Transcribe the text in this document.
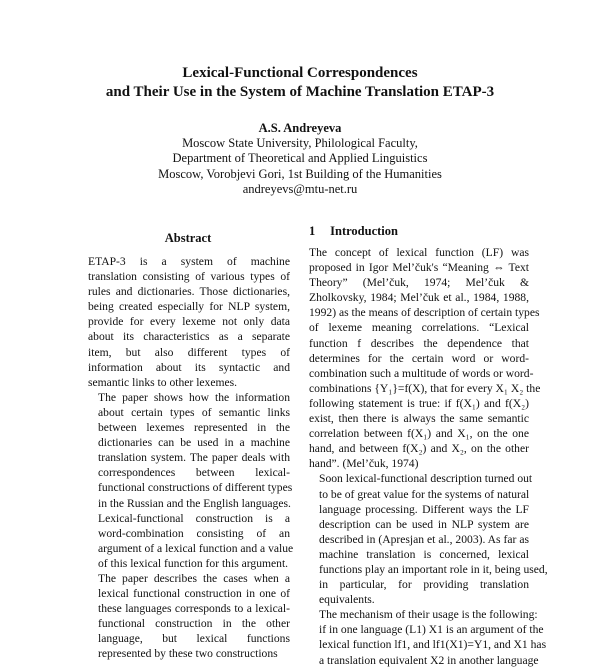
Lexical-Functional Correspondences
and Their Use in the System of Machine Translation ETAP-3
A.S. Andreyeva
Moscow State University, Philological Faculty,
Department of Theoretical and Applied Linguistics
Moscow, Vorobjevi Gori, 1st Building of the Humanities
andreyevs@mtu-net.ru
Abstract	1 Introduction

ETAP-3 is a system of machine
translation consisting of various types of
rules and dictionaries. Those dictionaries,
being created especially for NLP system,
provide for every lexeme not only data
about its characteristics as a separate
item, but also different types of
information about its syntactic and
semantic links to other lexemes.

The paper shows how the information
about certain types of semantic links
between lexemes represented in the
dictionaries can be used in a machine
translation system. The paper deals with
correspondences between lexical-
functional constructions of different types
in the Russian and the English languages.

Lexical-functional construction is a
word-combination consisting of an
argument of a lexical function and a value
of this lexical function for this argument.

The paper describes the cases when a
lexical functional construction in one of
these languages corresponds to a lexical-
functional construction in the other
language, but lexical functions
represented by these two constructions

The concept of lexical function (LF) was
proposed in Igor Mel’čuk's “Meaning ⇔ Text
Theory” (Mel’čuk, 1974; Mel’čuk &
Zholkovsky, 1984; Mel’čuk et al., 1984, 1988,
1992) as the means of description of certain types
of lexeme meaning correlations. “Lexical
function f describes the dependence that
determines for the certain word or word-
combination such a multitude of words or word-
combinations {Y₁}=f(X), that for every X₁ X₂ the
following statement is true: if f(X₁) and f(X₂)
exist, then there is always the same semantic
correlation between f(X₁) and X₁, on the one
hand, and between f(X₂) and X₂, on the other
hand”. (Mel’čuk, 1974)

Soon lexical-functional description turned out
to be of great value for the systems of natural
language processing. Different ways the LF
description can be used in NLP system are
described in (Apresjan et al., 2003). As far as
machine translation is concerned, lexical
functions play an important role in it, being used,
in particular, for providing translation
equivalents.

The mechanism of their usage is the following:
if in one language (L1) X1 is an argument of the
lexical function lf1, and lf1(X1)=Y1, and X1 has
a translation equivalent X2 in another language
